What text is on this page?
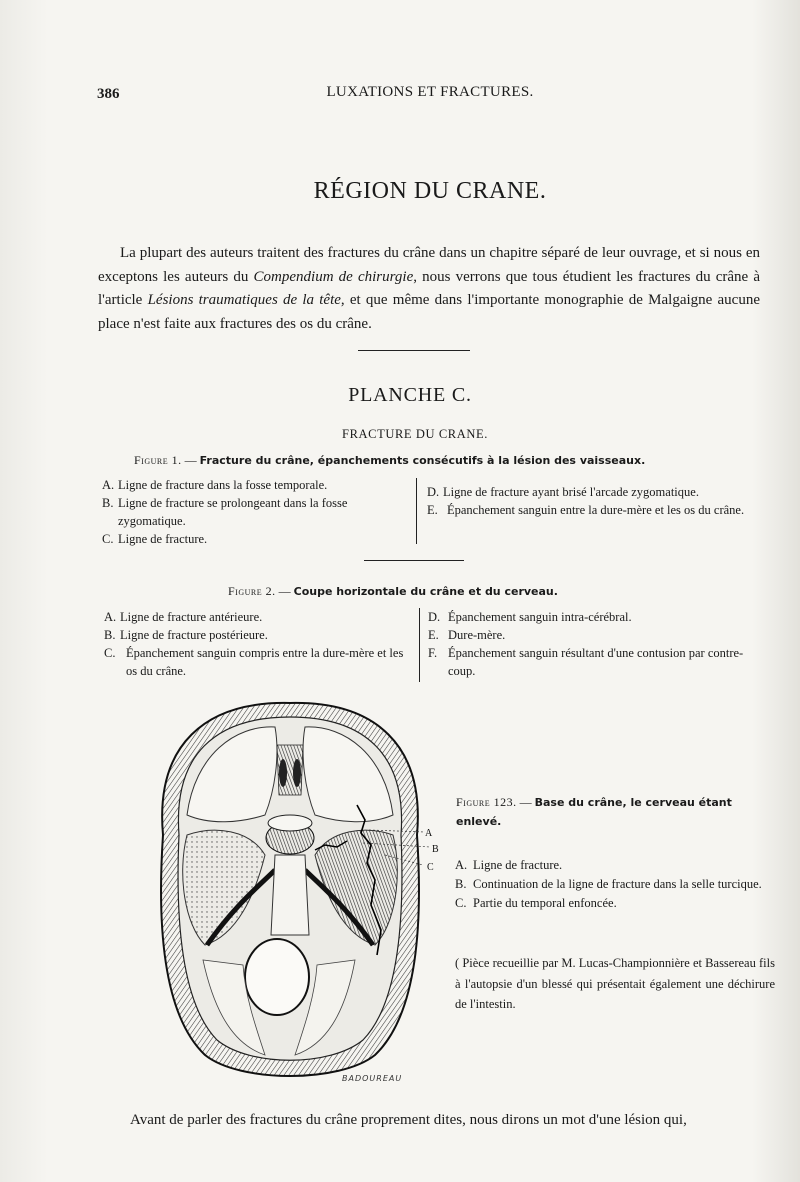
386	LUXATIONS ET FRACTURES.
RÉGION DU CRANE.
La plupart des auteurs traitent des fractures du crâne dans un chapitre séparé de leur ouvrage, et si nous en exceptons les auteurs du Compendium de chirurgie, nous verrons que tous étudient les fractures du crâne à l'article Lésions traumatiques de la tête, et que même dans l'importante monographie de Malgaigne aucune place n'est faite aux fractures des os du crâne.
PLANCHE C.
FRACTURE DU CRANE.
Figure 1. — Fracture du crâne, épanchements consécutifs à la lésion des vaisseaux.
A. Ligne de fracture dans la fosse temporale.
B. Ligne de fracture se prolongeant dans la fosse zygomatique.
C. Ligne de fracture.
D. Ligne de fracture ayant brisé l'arcade zygomatique.
E. Épanchement sanguin entre la dure-mère et les os du crâne.
Figure 2. — Coupe horizontale du crâne et du cerveau.
A. Ligne de fracture antérieure.
B. Ligne de fracture postérieure.
C. Épanchement sanguin compris entre la dure-mère et les os du crâne.
D. Épanchement sanguin intra-cérébral.
E. Dure-mère.
F. Épanchement sanguin résultant d'une contusion par contre-coup.
A
B
C
BADOUREAU
Figure 123. — Base du crâne, le cerveau étant enlevé.
A. Ligne de fracture.
B. Continuation de la ligne de fracture dans la selle turcique.
C. Partie du temporal enfoncée.
( Pièce recueillie par M. Lucas-Championnière et Bassereau fils à l'autopsie d'un blessé qui présentait également une déchirure de l'intestin.
Avant de parler des fractures du crâne proprement dites, nous dirons un mot d'une lésion qui,
